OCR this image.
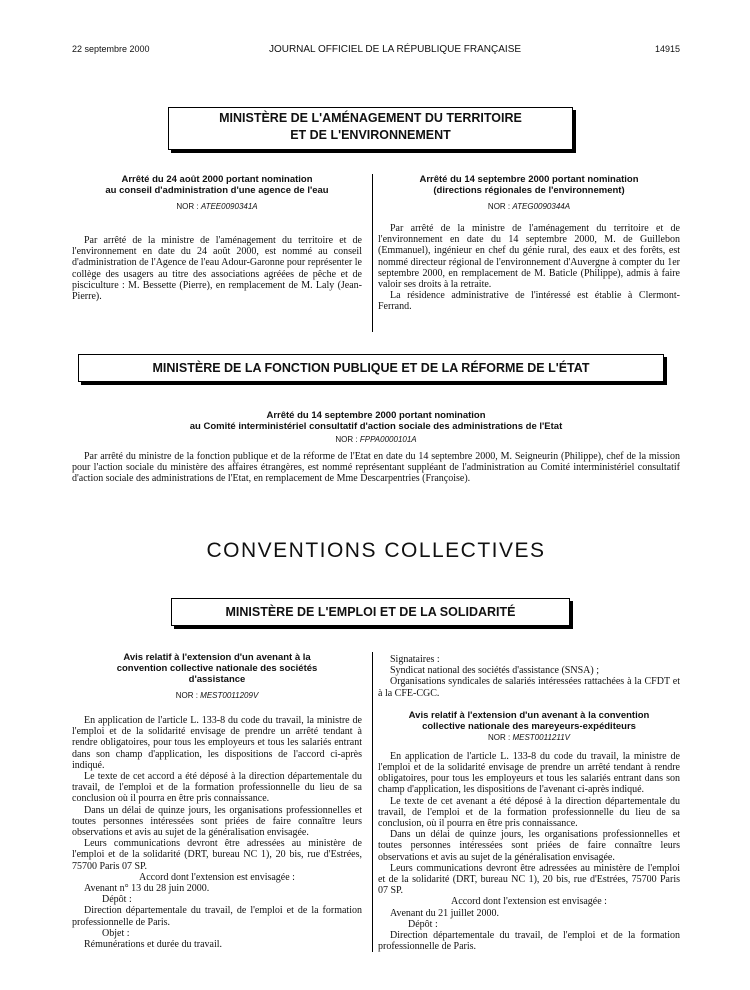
22 septembre 2000	JOURNAL OFFICIEL DE LA RÉPUBLIQUE FRANÇAISE	14915
MINISTÈRE DE L'AMÉNAGEMENT DU TERRITOIRE
ET DE L'ENVIRONNEMENT
Arrêté du 24 août 2000 portant nomination
au conseil d'administration d'une agence de l'eau
NOR : ATEE0090341A

Par arrêté de la ministre de l'aménagement du territoire et de l'environnement en date du 24 août 2000, est nommé au conseil d'administration de l'Agence de l'eau Adour-Garonne pour représenter le collège des usagers au titre des associations agréées de pêche et de pisciculture : M. Bessette (Pierre), en remplacement de M. Laly (Jean-Pierre).

Arrêté du 14 septembre 2000 portant nomination
(directions régionales de l'environnement)
NOR : ATEG0090344A

Par arrêté de la ministre de l'aménagement du territoire et de l'environnement en date du 14 septembre 2000, M. de Guillebon (Emmanuel), ingénieur en chef du génie rural, des eaux et des forêts, est nommé directeur régional de l'environnement d'Auvergne à compter du 1er septembre 2000, en remplacement de M. Baticle (Philippe), admis à faire valoir ses droits à la retraite.

La résidence administrative de l'intéressé est établie à Clermont-Ferrand.

MINISTÈRE DE LA FONCTION PUBLIQUE ET DE LA RÉFORME DE L'ÉTAT
Arrêté du 14 septembre 2000 portant nomination
au Comité interministériel consultatif d'action sociale des administrations de l'Etat
NOR : FPPA0000101A

Par arrêté du ministre de la fonction publique et de la réforme de l'Etat en date du 14 septembre 2000, M. Seigneurin (Philippe), chef de la mission pour l'action sociale du ministère des affaires étrangères, est nommé représentant suppléant de l'administration au Comité interministériel consultatif d'action sociale des administrations de l'Etat, en remplacement de Mme Descarpentries (Françoise).

CONVENTIONS COLLECTIVES
MINISTÈRE DE L'EMPLOI ET DE LA SOLIDARITÉ
Avis relatif à l'extension d'un avenant à la
convention collective nationale des sociétés
d'assistance
NOR : MEST0011209V

En application de l'article L. 133-8 du code du travail, la ministre de l'emploi et de la solidarité envisage de prendre un arrêté tendant à rendre obligatoires, pour tous les employeurs et tous les salariés entrant dans son champ d'application, les dispositions de l'accord ci-après indiqué.

Le texte de cet accord a été déposé à la direction départementale du travail, de l'emploi et de la formation professionnelle du lieu de sa conclusion où il pourra en être pris connaissance.

Dans un délai de quinze jours, les organisations professionnelles et toutes personnes intéressées sont priées de faire connaître leurs observations et avis au sujet de la généralisation envisagée.

Leurs communications devront être adressées au ministère de l'emploi et de la solidarité (DRT, bureau NC 1), 20 bis, rue d'Estrées, 75700 Paris 07 SP.

Accord dont l'extension est envisagée :

Avenant n° 13 du 28 juin 2000.

Dépôt :

Direction départementale du travail, de l'emploi et de la formation professionnelle de Paris.

Objet :

Rémunérations et durée du travail.

Signataires :

Syndicat national des sociétés d'assistance (SNSA) ;

Organisations syndicales de salariés intéressées rattachées à la CFDT et à la CFE-CGC.

Avis relatif à l'extension d'un avenant à la convention
collective nationale des mareyeurs-expéditeurs
NOR : MEST0011211V

En application de l'article L. 133-8 du code du travail, la ministre de l'emploi et de la solidarité envisage de prendre un arrêté tendant à rendre obligatoires, pour tous les employeurs et tous les salariés entrant dans son champ d'application, les dispositions de l'avenant ci-après indiqué.

Le texte de cet avenant a été déposé à la direction départementale du travail, de l'emploi et de la formation professionnelle du lieu de sa conclusion, où il pourra en être pris connaissance.

Dans un délai de quinze jours, les organisations professionnelles et toutes personnes intéressées sont priées de faire connaître leurs observations et avis au sujet de la généralisation envisagée.

Leurs communications devront être adressées au ministère de l'emploi et de la solidarité (DRT, bureau NC 1), 20 bis, rue d'Estrées, 75700 Paris 07 SP.

Accord dont l'extension est envisagée :

Avenant du 21 juillet 2000.

Dépôt :

Direction départementale du travail, de l'emploi et de la formation professionnelle de Paris.
